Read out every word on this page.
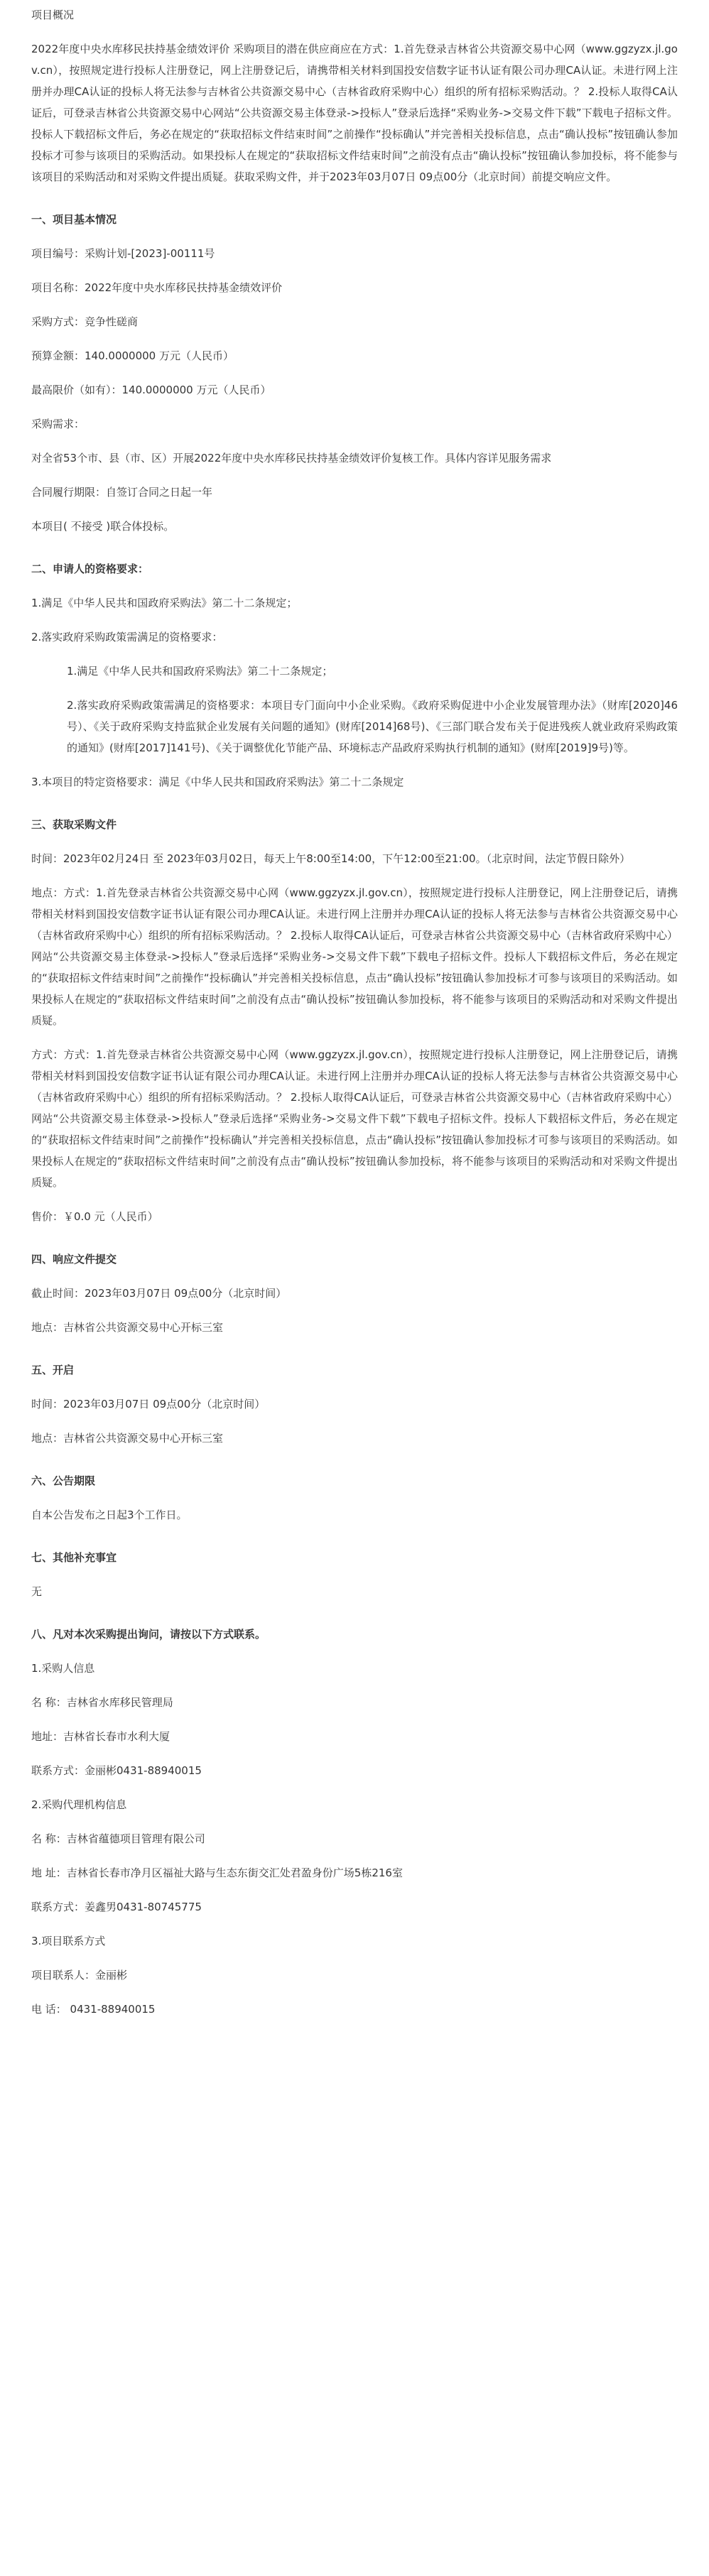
项目概况

2022年度中央水库移民扶持基金绩效评价 采购项目的潜在供应商应在方式：1.首先登录吉林省公共资源交易中心网（www.ggzyzx.jl.gov.cn），按照规定进行投标人注册登记，网上注册登记后，请携带相关材料到国投安信数字证书认证有限公司办理CA认证。未进行网上注册并办理CA认证的投标人将无法参与吉林省公共资源交易中心（吉林省政府采购中心）组织的所有招标采购活动。？ 2.投标人取得CA认证后，可登录吉林省公共资源交易中心网站“公共资源交易主体登录->投标人”登录后选择“采购业务->交易文件下载”下载电子招标文件。投标人下载招标文件后，务必在规定的“获取招标文件结束时间”之前操作“投标确认”并完善相关投标信息，点击“确认投标”按钮确认参加投标才可参与该项目的采购活动。如果投标人在规定的“获取招标文件结束时间”之前没有点击“确认投标”按钮确认参加投标，将不能参与该项目的采购活动和对采购文件提出质疑。获取采购文件，并于2023年03月07日 09点00分（北京时间）前提交响应文件。

一、项目基本情况

项目编号：采购计划-[2023]-00111号

项目名称：2022年度中央水库移民扶持基金绩效评价

采购方式：竞争性磋商

预算金额：140.0000000 万元（人民币）

最高限价（如有）：140.0000000 万元（人民币）

采购需求：

对全省53个市、县（市、区）开展2022年度中央水库移民扶持基金绩效评价复核工作。具体内容详见服务需求

合同履行期限：自签订合同之日起一年

本项目( 不接受 )联合体投标。

二、申请人的资格要求：

1.满足《中华人民共和国政府采购法》第二十二条规定；

2.落实政府采购政策需满足的资格要求：

1.满足《中华人民共和国政府采购法》第二十二条规定；

2.落实政府采购政策需满足的资格要求：本项目专门面向中小企业采购。《政府采购促进中小企业发展管理办法》（财库[2020]46号）、《关于政府采购支持监狱企业发展有关问题的通知》(财库[2014]68号)、《三部门联合发布关于促进残疾人就业政府采购政策的通知》(财库[2017]141号)、《关于调整优化节能产品、环境标志产品政府采购执行机制的通知》(财库[2019]9号)等。

3.本项目的特定资格要求：满足《中华人民共和国政府采购法》第二十二条规定

三、获取采购文件

时间：2023年02月24日 至 2023年03月02日，每天上午8:00至14:00，下午12:00至21:00。（北京时间，法定节假日除外）

地点：方式：1.首先登录吉林省公共资源交易中心网（www.ggzyzx.jl.gov.cn），按照规定进行投标人注册登记，网上注册登记后，请携带相关材料到国投安信数字证书认证有限公司办理CA认证。未进行网上注册并办理CA认证的投标人将无法参与吉林省公共资源交易中心（吉林省政府采购中心）组织的所有招标采购活动。？ 2.投标人取得CA认证后，可登录吉林省公共资源交易中心（吉林省政府采购中心）网站“公共资源交易主体登录->投标人”登录后选择“采购业务->交易文件下载”下载电子招标文件。投标人下载招标文件后，务必在规定的“获取招标文件结束时间”之前操作“投标确认”并完善相关投标信息，点击“确认投标”按钮确认参加投标才可参与该项目的采购活动。如果投标人在规定的“获取招标文件结束时间”之前没有点击“确认投标”按钮确认参加投标，将不能参与该项目的采购活动和对采购文件提出质疑。

方式：方式：1.首先登录吉林省公共资源交易中心网（www.ggzyzx.jl.gov.cn），按照规定进行投标人注册登记，网上注册登记后，请携带相关材料到国投安信数字证书认证有限公司办理CA认证。未进行网上注册并办理CA认证的投标人将无法参与吉林省公共资源交易中心（吉林省政府采购中心）组织的所有招标采购活动。？ 2.投标人取得CA认证后，可登录吉林省公共资源交易中心（吉林省政府采购中心）网站“公共资源交易主体登录->投标人”登录后选择“采购业务->交易文件下载”下载电子招标文件。投标人下载招标文件后，务必在规定的“获取招标文件结束时间”之前操作“投标确认”并完善相关投标信息，点击“确认投标”按钮确认参加投标才可参与该项目的采购活动。如果投标人在规定的“获取招标文件结束时间”之前没有点击“确认投标”按钮确认参加投标，将不能参与该项目的采购活动和对采购文件提出质疑。

售价：￥0.0 元（人民币）

四、响应文件提交

截止时间：2023年03月07日 09点00分（北京时间）

地点：吉林省公共资源交易中心开标三室

五、开启

时间：2023年03月07日 09点00分（北京时间）

地点：吉林省公共资源交易中心开标三室

六、公告期限

自本公告发布之日起3个工作日。

七、其他补充事宜

无

八、凡对本次采购提出询问，请按以下方式联系。

1.采购人信息

名 称：吉林省水库移民管理局

地址：吉林省长春市水利大厦

联系方式：金丽彬0431-88940015

2.采购代理机构信息

名 称：吉林省蕴德项目管理有限公司

地 址：吉林省长春市净月区福祉大路与生态东街交汇处君盈身份广场5栋216室

联系方式：姜鑫男0431-80745775

3.项目联系方式

项目联系人：金丽彬

电 话： 0431-88940015
